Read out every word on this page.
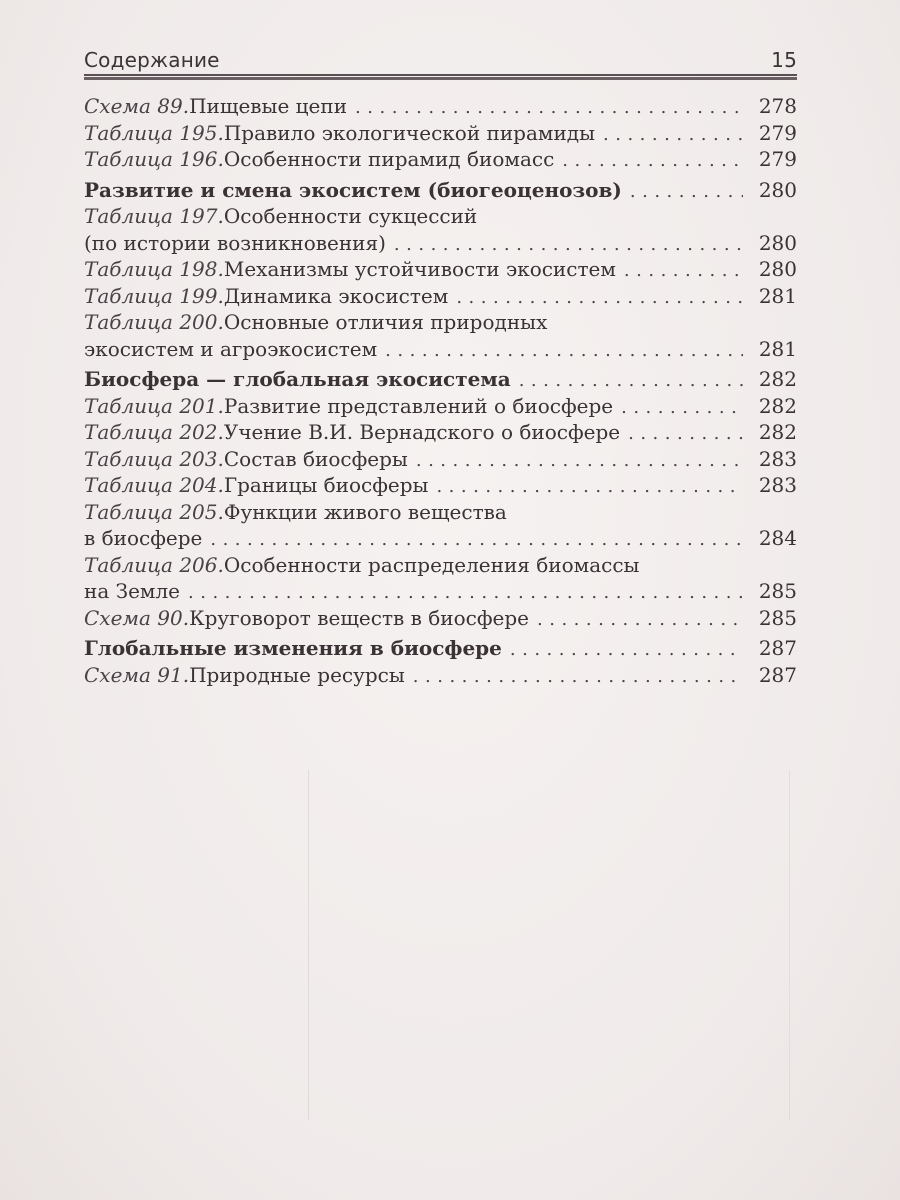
Содержание	15
Схема 89. Пищевые цепи .....	278
Таблица 195. Правило экологической пирамиды .....	279
Таблица 196. Особенности пирамид биомасс .....	279
Развитие и смена экосистем (биогеоценозов) .....	280
Таблица 197. Особенности сукцессий
(по истории возникновения) .....	280
Таблица 198. Механизмы устойчивости экосистем .....	280
Таблица 199. Динамика экосистем .....	281
Таблица 200. Основные отличия природных
экосистем и агроэкосистем .....	281
Биосфера — глобальная экосистема .....	282
Таблица 201. Развитие представлений о биосфере .....	282
Таблица 202. Учение В.И. Вернадского о биосфере .....	282
Таблица 203. Состав биосферы .....	283
Таблица 204. Границы биосферы .....	283
Таблица 205. Функции живого вещества
в биосфере .....	284
Таблица 206. Особенности распределения биомассы
на Земле .....	285
Схема 90. Круговорот веществ в биосфере .....	285
Глобальные изменения в биосфере .....	287
Схема 91. Природные ресурсы .....	287
